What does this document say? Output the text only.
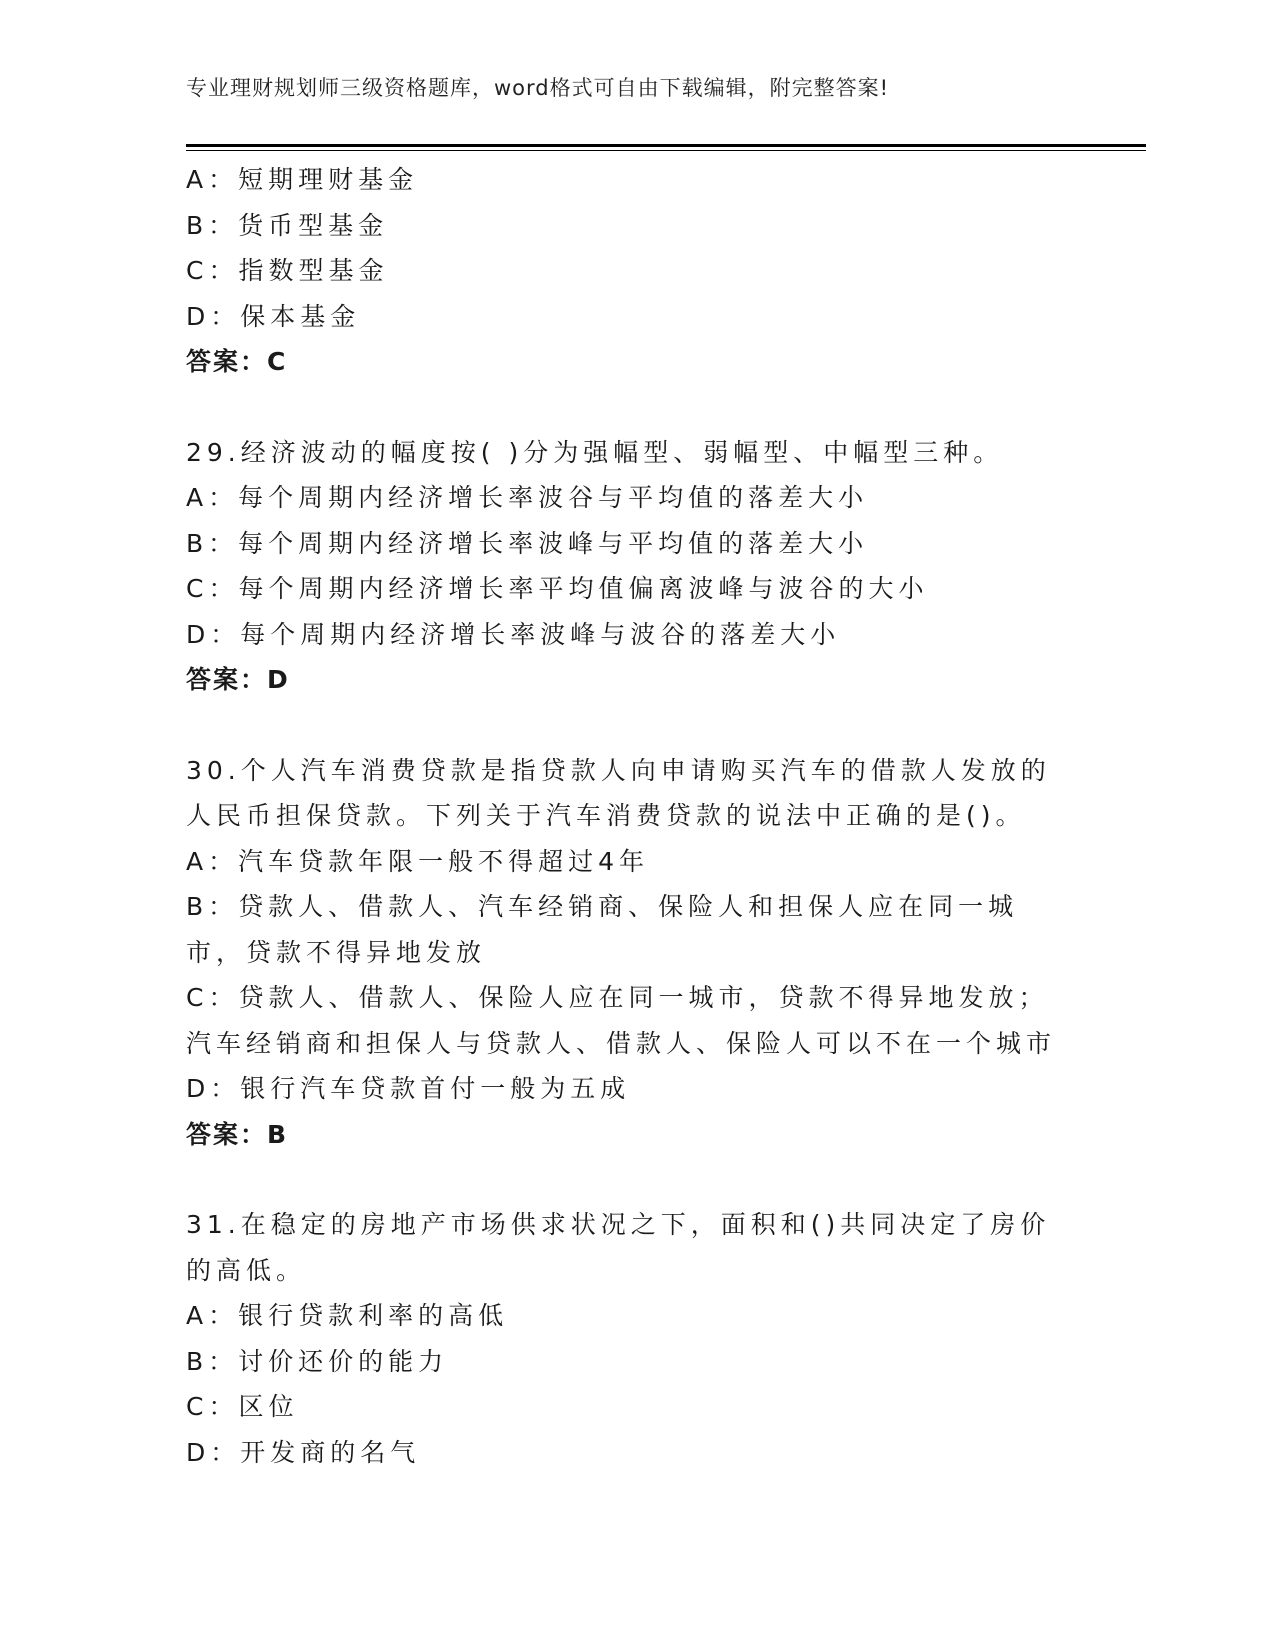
专业理财规划师三级资格题库，word格式可自由下载编辑，附完整答案!
A：短期理财基金
B：货币型基金
C：指数型基金
D：保本基金
答案：C
29.经济波动的幅度按( )分为强幅型、弱幅型、中幅型三种。
A：每个周期内经济增长率波谷与平均值的落差大小
B：每个周期内经济增长率波峰与平均值的落差大小
C：每个周期内经济增长率平均值偏离波峰与波谷的大小
D：每个周期内经济增长率波峰与波谷的落差大小
答案：D
30.个人汽车消费贷款是指贷款人向申请购买汽车的借款人发放的人民币担保贷款。下列关于汽车消费贷款的说法中正确的是()。
A：汽车贷款年限一般不得超过4年
B：贷款人、借款人、汽车经销商、保险人和担保人应在同一城市，贷款不得异地发放
C：贷款人、借款人、保险人应在同一城市，贷款不得异地发放；汽车经销商和担保人与贷款人、借款人、保险人可以不在一个城市
D：银行汽车贷款首付一般为五成
答案：B
31.在稳定的房地产市场供求状况之下，面积和()共同决定了房价的高低。
A：银行贷款利率的高低
B：讨价还价的能力
C：区位
D：开发商的名气
